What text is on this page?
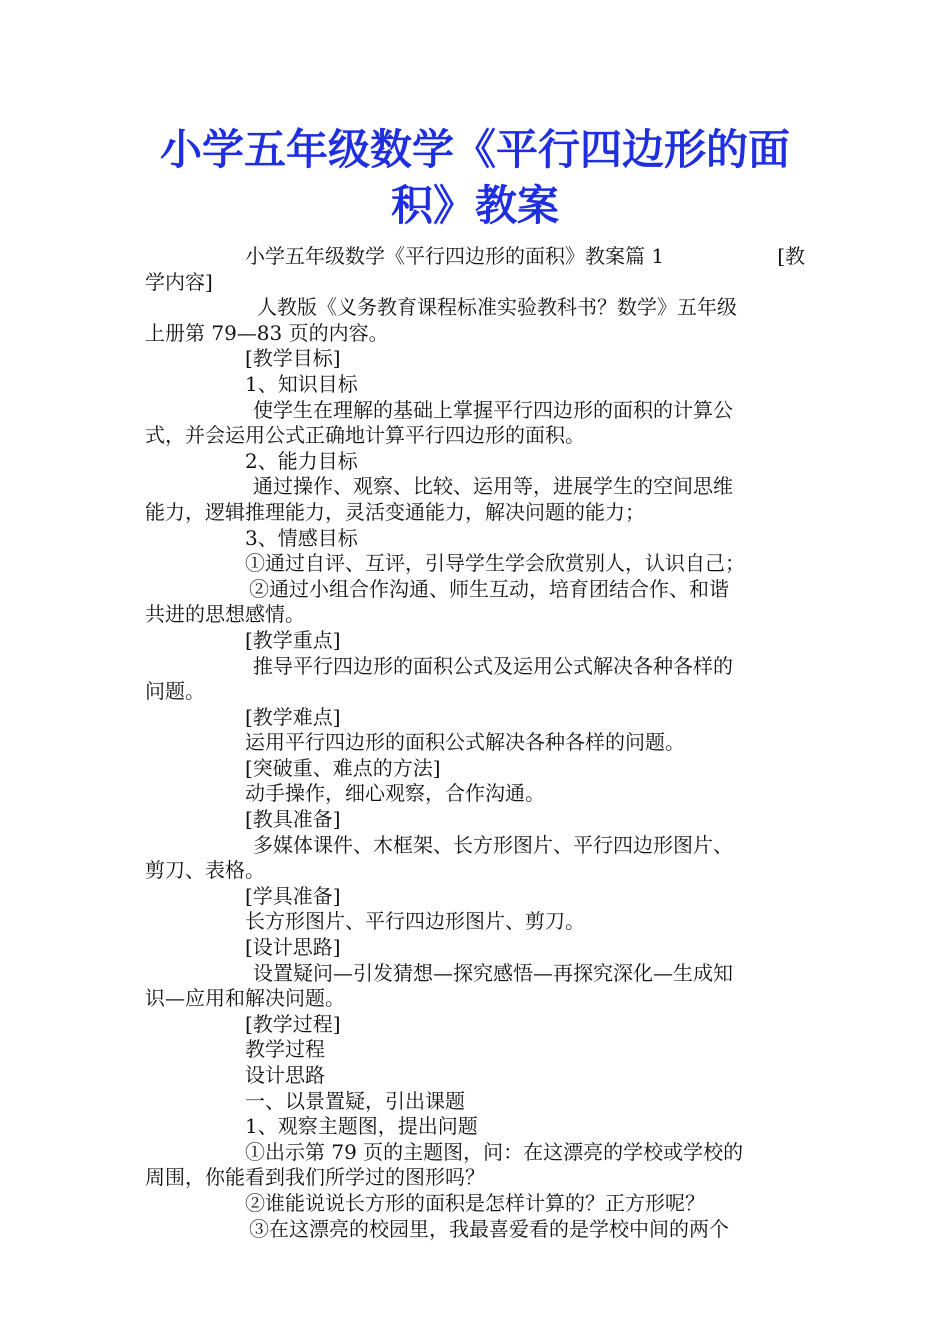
小学五年级数学《平行四边形的面
积》教案
小学五年级数学《平行四边形的面积》教案篇 1	[教
学内容]
人教版《义务教育课程标准实验教科书？数学》五年级
上册第 79—83 页的内容。
[教学目标]
1、知识目标
使学生在理解的基础上掌握平行四边形的面积的计算公
式，并会运用公式正确地计算平行四边形的面积。
2、能力目标
通过操作、观察、比较、运用等，进展学生的空间思维
能力，逻辑推理能力，灵活变通能力，解决问题的能力；
3、情感目标
①通过自评、互评，引导学生学会欣赏别人，认识自己；
②通过小组合作沟通、师生互动，培育团结合作、和谐
共进的思想感情。
[教学重点]
推导平行四边形的面积公式及运用公式解决各种各样的
问题。
[教学难点]
运用平行四边形的面积公式解决各种各样的问题。
[突破重、难点的方法]
动手操作，细心观察，合作沟通。
[教具准备]
多媒体课件、木框架、长方形图片、平行四边形图片、
剪刀、表格。
[学具准备]
长方形图片、平行四边形图片、剪刀。
[设计思路]
设置疑问—引发猜想—探究感悟—再探究深化—生成知
识—应用和解决问题。
[教学过程]
教学过程
设计思路
一、以景置疑，引出课题
1、观察主题图，提出问题
①出示第 79 页的主题图，问：在这漂亮的学校或学校的
周围，你能看到我们所学过的图形吗？
②谁能说说长方形的面积是怎样计算的？正方形呢？
③在这漂亮的校园里，我最喜爱看的是学校中间的两个
